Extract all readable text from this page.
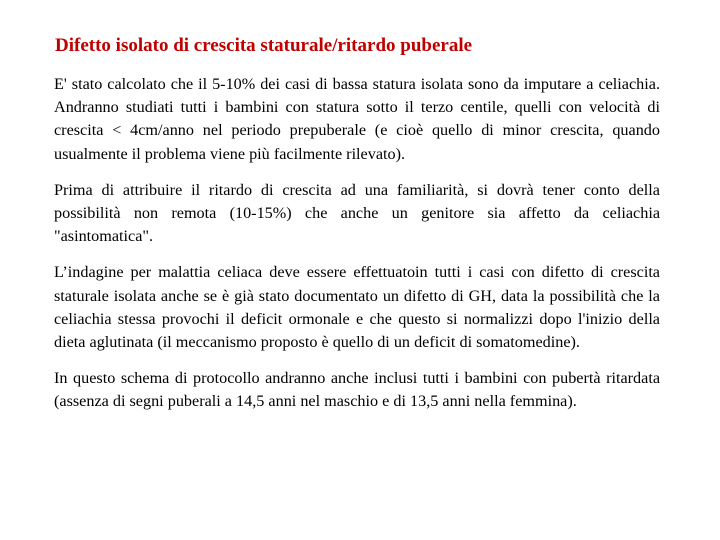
Difetto isolato di crescita staturale/ritardo puberale

E' stato calcolato che il 5-10% dei casi di bassa statura isolata sono da imputare a celiachia. Andranno studiati tutti i bambini con statura sotto il terzo centile, quelli con velocità di crescita < 4cm/anno nel periodo prepuberale (e cioè quello di minor crescita, quando usualmente il problema viene più facilmente rilevato).

Prima di attribuire il ritardo di crescita ad una familiarità, si dovrà tener conto della possibilità non remota (10-15%) che anche un genitore sia affetto da celiachia "asintomatica".

L’indagine per malattia celiaca deve essere effettuatoin tutti i casi con difetto di crescita staturale isolata anche se è già stato documentato un difetto di GH, data la possibilità che la celiachia stessa provochi il deficit ormonale e che questo si normalizzi dopo l'inizio della dieta aglutinata (il meccanismo proposto è quello di un deficit di somatomedine).

In questo schema di protocollo andranno anche inclusi tutti i bambini con pubertà ritardata (assenza di segni puberali a 14,5 anni nel maschio e di 13,5 anni nella femmina).
